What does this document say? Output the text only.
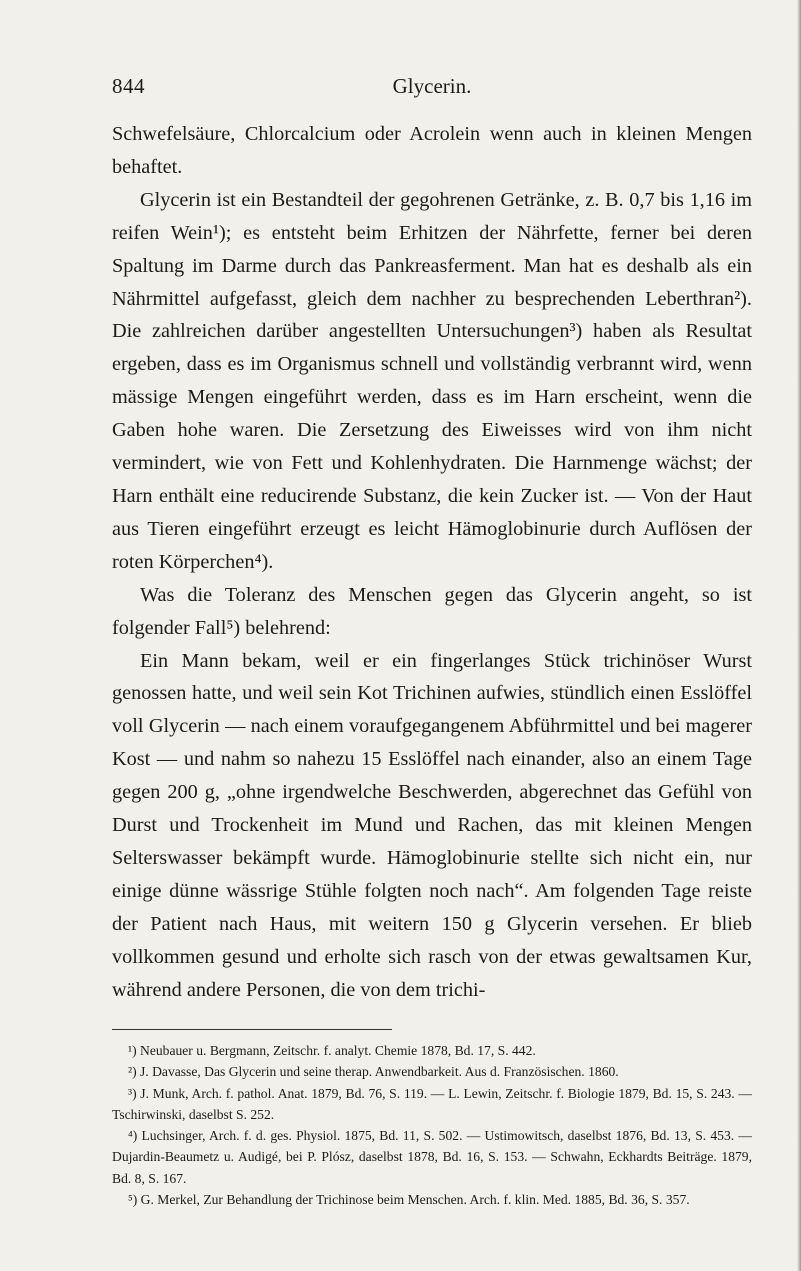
844	Glycerin.

Schwefelsäure, Chlorcalcium oder Acrolein wenn auch in kleinen Mengen behaftet.

Glycerin ist ein Bestandteil der gegohrenen Getränke, z. B. 0,7 bis 1,16 im reifen Wein¹); es entsteht beim Erhitzen der Nährfette, ferner bei deren Spaltung im Darme durch das Pankreasferment. Man hat es deshalb als ein Nährmittel aufgefasst, gleich dem nachher zu besprechenden Leberthran²). Die zahlreichen darüber angestellten Untersuchungen³) haben als Resultat ergeben, dass es im Organismus schnell und vollständig verbrannt wird, wenn mässige Mengen eingeführt werden, dass es im Harn erscheint, wenn die Gaben hohe waren. Die Zersetzung des Eiweisses wird von ihm nicht vermindert, wie von Fett und Kohlenhydraten. Die Harnmenge wächst; der Harn enthält eine reducirende Substanz, die kein Zucker ist. — Von der Haut aus Tieren eingeführt erzeugt es leicht Hämoglobinurie durch Auflösen der roten Körperchen⁴).

Was die Toleranz des Menschen gegen das Glycerin angeht, so ist folgender Fall⁵) belehrend:

Ein Mann bekam, weil er ein fingerlanges Stück trichinöser Wurst genossen hatte, und weil sein Kot Trichinen aufwies, stündlich einen Esslöffel voll Glycerin — nach einem voraufgegangenem Abführmittel und bei magerer Kost — und nahm so nahezu 15 Esslöffel nach einander, also an einem Tage gegen 200 g, „ohne irgendwelche Beschwerden, abgerechnet das Gefühl von Durst und Trockenheit im Mund und Rachen, das mit kleinen Mengen Selterswasser bekämpft wurde. Hämoglobinurie stellte sich nicht ein, nur einige dünne wässrige Stühle folgten noch nach“. Am folgenden Tage reiste der Patient nach Haus, mit weitern 150 g Glycerin versehen. Er blieb vollkommen gesund und erholte sich rasch von der etwas gewaltsamen Kur, während andere Personen, die von dem trichi-

¹) Neubauer u. Bergmann, Zeitschr. f. analyt. Chemie 1878, Bd. 17, S. 442.

²) J. Davasse, Das Glycerin und seine therap. Anwendbarkeit. Aus d. Französischen. 1860.

³) J. Munk, Arch. f. pathol. Anat. 1879, Bd. 76, S. 119. — L. Lewin, Zeitschr. f. Biologie 1879, Bd. 15, S. 243. — Tschirwinski, daselbst S. 252.

⁴) Luchsinger, Arch. f. d. ges. Physiol. 1875, Bd. 11, S. 502. — Ustimowitsch, daselbst 1876, Bd. 13, S. 453. — Dujardin-Beaumetz u. Audigé, bei P. Plósz, daselbst 1878, Bd. 16, S. 153. — Schwahn, Eckhardts Beiträge. 1879, Bd. 8, S. 167.

⁵) G. Merkel, Zur Behandlung der Trichinose beim Menschen. Arch. f. klin. Med. 1885, Bd. 36, S. 357.
